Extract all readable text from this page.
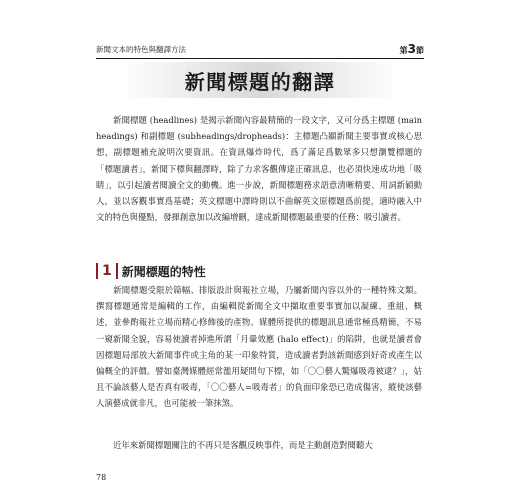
新聞文本的特色與翻譯方法	第3節
新聞標題的翻譯

新聞標題 (headlines) 是揭示新聞內容最精簡的一段文字，又可分爲主標題 (main headings) 和副標題 (subheadings/dropheads)：主標題凸顯新聞主要事實或核心思想，副標題補充說明次要資訊。在資訊爆炸時代，爲了滿足爲數眾多只想瀏覽標題的「標題讀者」，新聞下標與翻譯時，除了力求客觀傳達正確訊息，也必須快速成功地「吸睛」，以引起讀者閱讀全文的動機。進一步說，新聞標題務求語意清晰精要、用詞新穎動人，並以客觀事實爲基礎；英文標題中譯時則以不曲解英文原標題爲前提，適時融入中文的特色與優點，發揮創意加以改編增刪，達成新聞標題最重要的任務：吸引讀者。

1 新聞標題的特性

新聞標題受限於篇幅、排版設計與報社立場，乃屬新聞內容以外的一種特殊文類。撰寫標題通常是編輯的工作，由編輯從新聞全文中擷取重要事實加以凝練、重組、概述，並參酌報社立場而精心修飾後的產物。媒體所提供的標題訊息通常極爲精簡，不易一窺新聞全貌，容易使讀者掉進所謂「月暈效應 (halo effect)」的陷阱，也就是讀者會因標題局部放大新聞事件或主角的某一印象特質，造成讀者對該新聞感到好奇或產生以偏概全的評價。譬如臺灣媒體經常濫用疑問句下標，如「〇〇藝人驚爆吸毒被逮？」，姑且不論該藝人是否真有吸毒，「〇〇藝人=吸毒者」的負面印象恐已造成傷害，縱使該藝人演藝成就非凡，也可能被一筆抹煞。

近年來新聞標題關注的不再只是客觀反映事件，而是主動創造對閱聽大

78
